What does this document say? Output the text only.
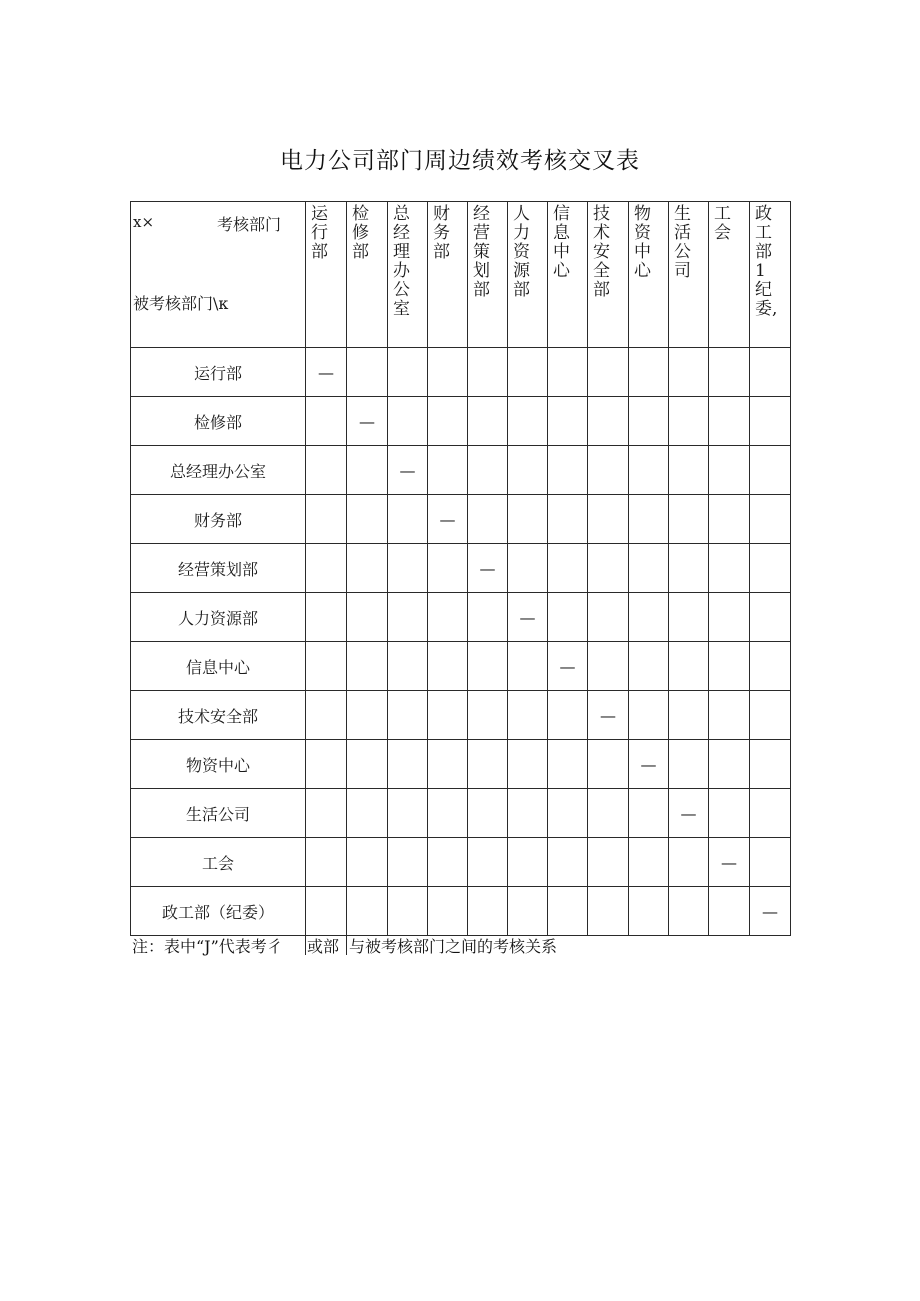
电力公司部门周边绩效考核交叉表
x× 考核部门
被考核部门\κ	运行部	检修部	总经理办公室	财务部	经营策划部	人力资源部	信息中心	技术安全部	物资中心	生活公司	工会	政工部1纪委,

运行部	—											
检修部		—										
总经理办公室			—									
财务部				—								
经营策划部					—							
人力资源部						—						
信息中心							—					
技术安全部								—				
物资中心									—			
生活公司										—		
工会											—	
政工部（纪委）												—
注：表中“J”代表考彳 或部 与被考核部门之间的考核关系
